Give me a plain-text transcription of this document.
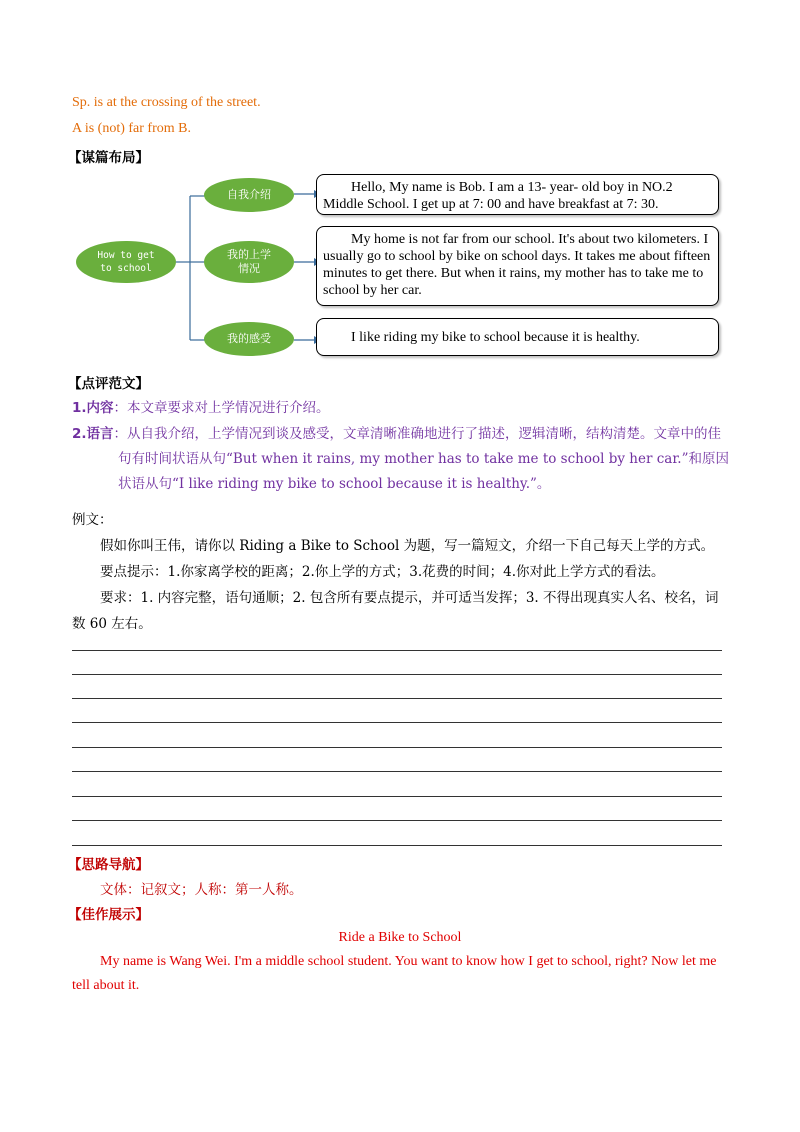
Sp. is at the crossing of the street.
A is (not) far from B.
【谋篇布局】
How to get to school
自我介绍
我的上学情况
我的感受
Hello, My name is Bob. I am a 13- year- old boy in NO.2 Middle School. I get up at 7: 00 and have breakfast at 7: 30.
My home is not far from our school. It's about two kilometers. I usually go to school by bike on school days. It takes me about fifteen minutes to get there. But when it rains, my mother has to take me to school by her car.
I like riding my bike to school because it is healthy.
【点评范文】
1.内容：本文章要求对上学情况进行介绍。
2.语言：从自我介绍，上学情况到谈及感受，文章清晰准确地进行了描述，逻辑清晰，结构清楚。文章中的佳句有时间状语从句“But when it rains, my mother has to take me to school by her car.”和原因状语从句“I like riding my bike to school because it is healthy.”。
例文：
假如你叫王伟，请你以 Riding a Bike to School 为题，写一篇短文，介绍一下自己每天上学的方式。
要点提示：1.你家离学校的距离；2.你上学的方式；3.花费的时间；4.你对此上学方式的看法。
要求：1. 内容完整，语句通顺；2. 包含所有要点提示，并可适当发挥；3. 不得出现真实人名、校名，词数 60 左右。
【思路导航】
文体：记叙文；人称：第一人称。
【佳作展示】
Ride a Bike to School
My name is Wang Wei. I'm a middle school student. You want to know how I get to school, right? Now let me tell about it.
